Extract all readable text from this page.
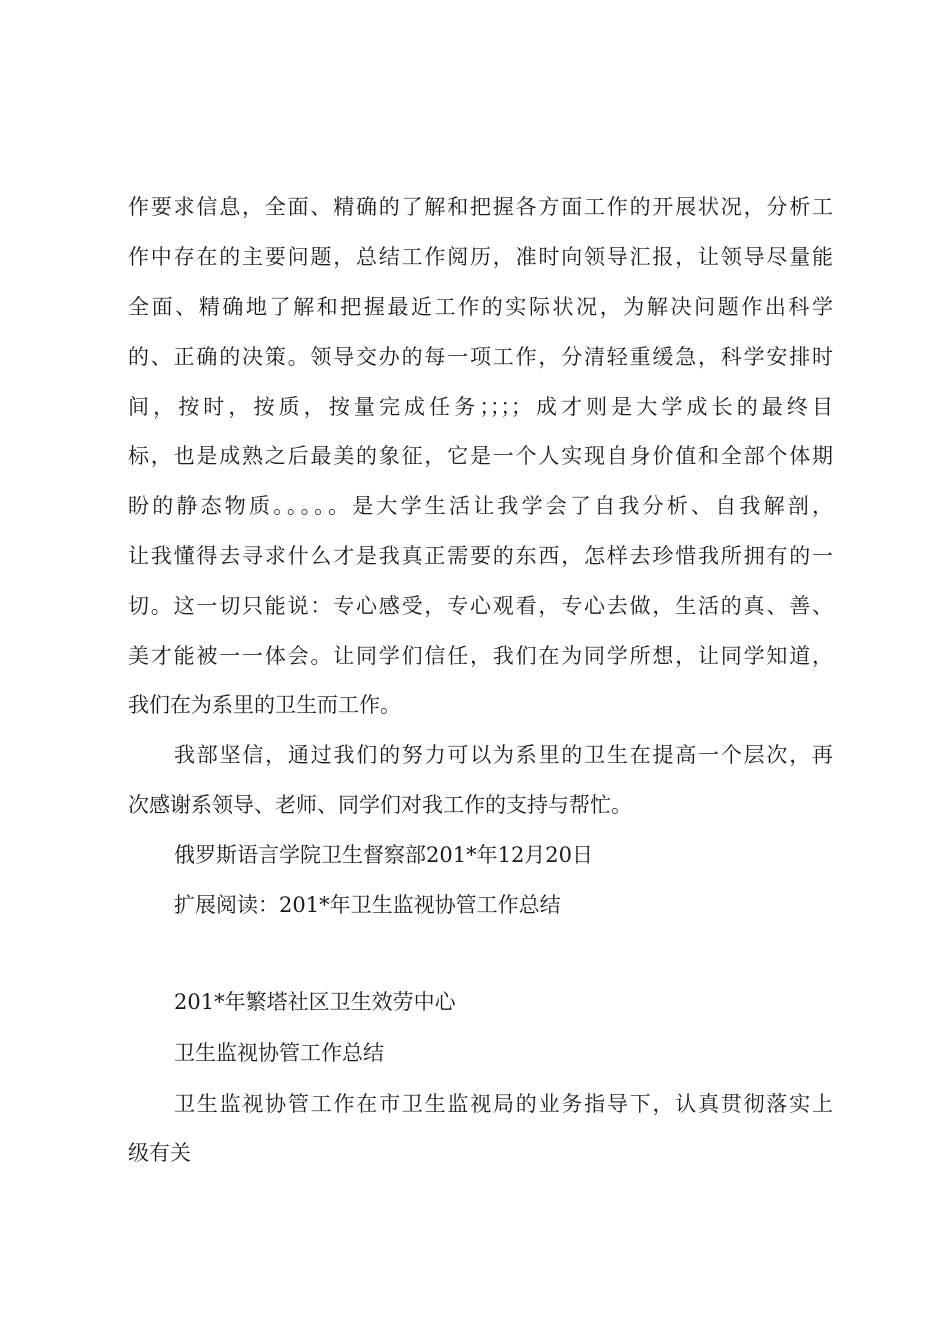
作要求信息，全面、精确的了解和把握各方面工作的开展状况，分析工
作中存在的主要问题，总结工作阅历，准时向领导汇报，让领导尽量能
全面、精确地了解和把握最近工作的实际状况，为解决问题作出科学
的、正确的决策。领导交办的每一项工作，分清轻重缓急，科学安排时
间，按时，按质，按量完成任务；；；；成才则是大学成长的最终目
标，也是成熟之后最美的象征，它是一个人实现自身价值和全部个体期
盼的静态物质。。。。。是大学生活让我学会了自我分析、自我解剖，
让我懂得去寻求什么才是我真正需要的东西，怎样去珍惜我所拥有的一
切。这一切只能说：专心感受，专心观看，专心去做，生活的真、善、
美才能被一一体会。让同学们信任，我们在为同学所想，让同学知道，
我们在为系里的卫生而工作。
我部坚信，通过我们的努力可以为系里的卫生在提高一个层次，再
次感谢系领导、老师、同学们对我工作的支持与帮忙。
俄罗斯语言学院卫生督察部201*年12月20日
扩展阅读：201*年卫生监视协管工作总结
201*年繁塔社区卫生效劳中心
卫生监视协管工作总结
卫生监视协管工作在市卫生监视局的业务指导下，认真贯彻落实上
级有关
